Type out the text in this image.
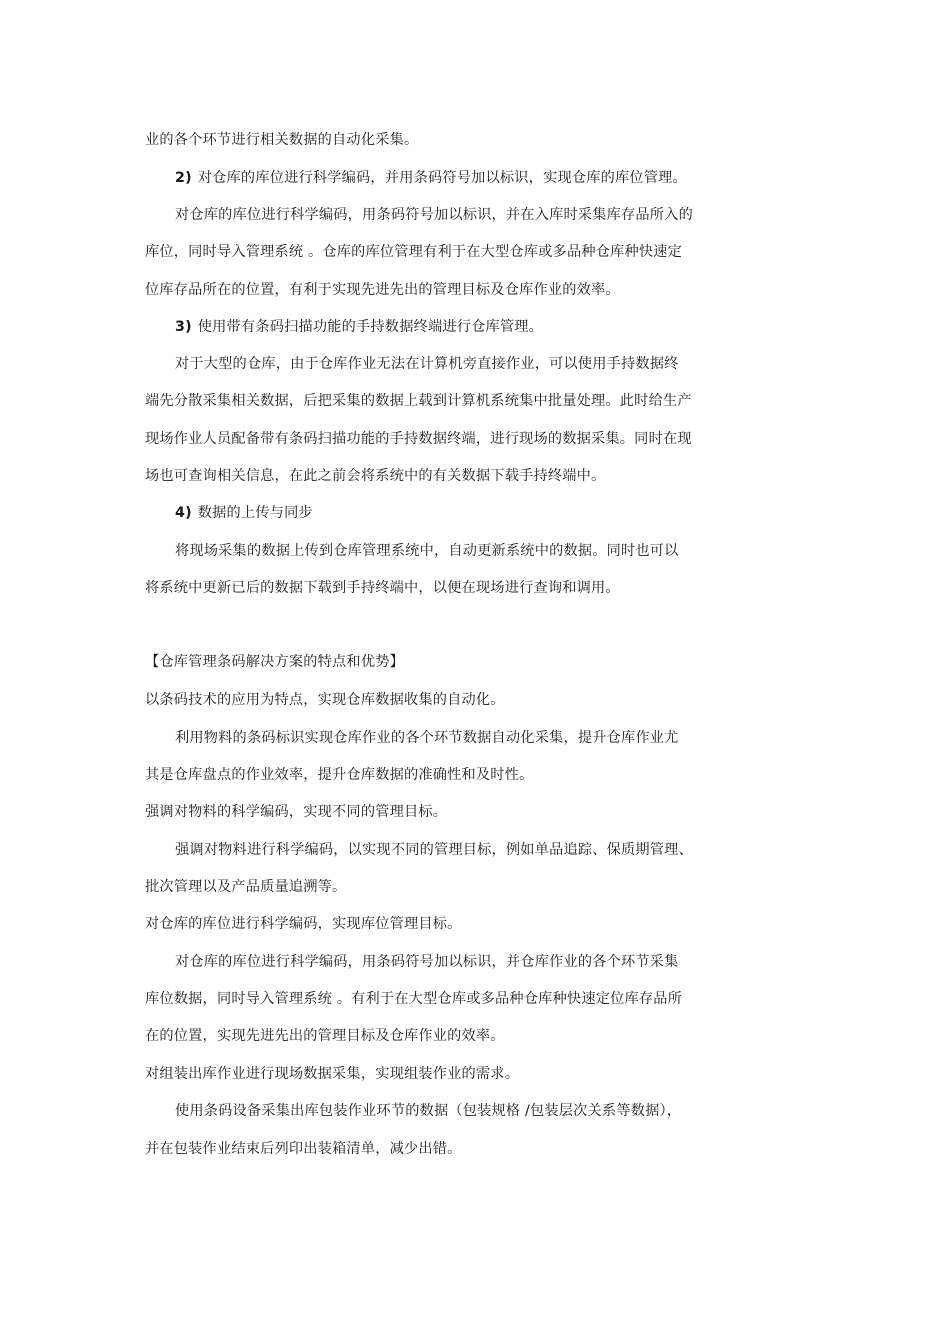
业的各个环节进行相关数据的自动化采集。
2) 对仓库的库位进行科学编码，并用条码符号加以标识，实现仓库的库位管理。
对仓库的库位进行科学编码，用条码符号加以标识，并在入库时采集库存品所入的
库位，同时导入管理系统 。仓库的库位管理有利于在大型仓库或多品种仓库种快速定
位库存品所在的位置，有利于实现先进先出的管理目标及仓库作业的效率。
3) 使用带有条码扫描功能的手持数据终端进行仓库管理。
对于大型的仓库，由于仓库作业无法在计算机旁直接作业，可以使用手持数据终
端先分散采集相关数据，后把采集的数据上载到计算机系统集中批量处理。此时给生产
现场作业人员配备带有条码扫描功能的手持数据终端，进行现场的数据采集。同时在现
场也可查询相关信息，在此之前会将系统中的有关数据下载手持终端中。
4) 数据的上传与同步
将现场采集的数据上传到仓库管理系统中，自动更新系统中的数据。同时也可以
将系统中更新已后的数据下载到手持终端中，以便在现场进行查询和调用。
【仓库管理条码解决方案的特点和优势】
以条码技术的应用为特点，实现仓库数据收集的自动化。
利用物料的条码标识实现仓库作业的各个环节数据自动化采集，提升仓库作业尤
其是仓库盘点的作业效率，提升仓库数据的准确性和及时性。
强调对物料的科学编码，实现不同的管理目标。
强调对物料进行科学编码，以实现不同的管理目标，例如单品追踪、保质期管理、
批次管理以及产品质量追溯等。
对仓库的库位进行科学编码，实现库位管理目标。
对仓库的库位进行科学编码，用条码符号加以标识，并仓库作业的各个环节采集
库位数据，同时导入管理系统 。有利于在大型仓库或多品种仓库种快速定位库存品所
在的位置，实现先进先出的管理目标及仓库作业的效率。
对组装出库作业进行现场数据采集，实现组装作业的需求。
使用条码设备采集出库包装作业环节的数据（包装规格 /包装层次关系等数据），
并在包装作业结束后列印出装箱清单，减少出错。
